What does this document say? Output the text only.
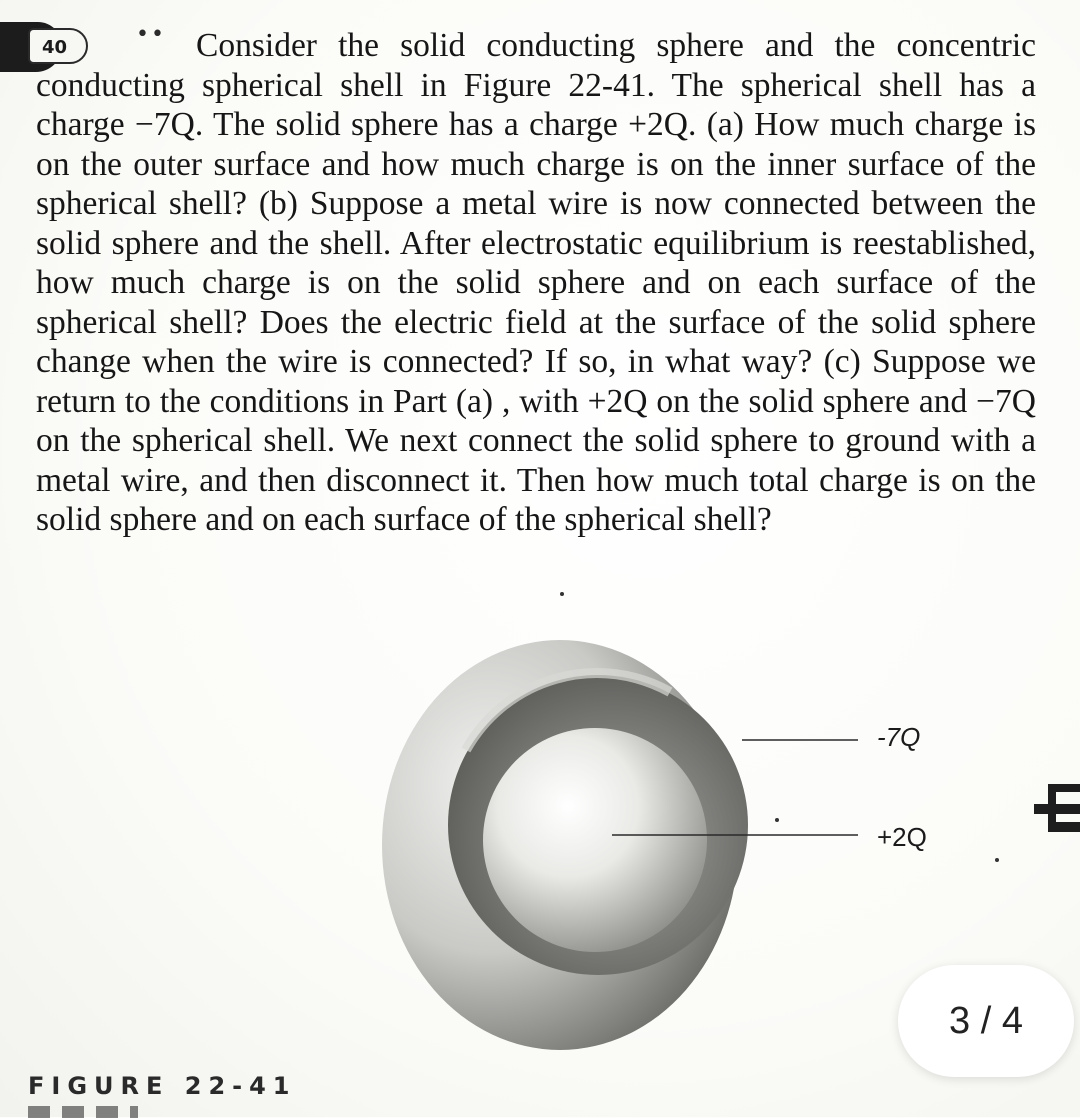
40	Consider the solid conducting sphere and the concentric conducting spherical shell in Figure 22-41. The spherical shell has a charge −7Q. The solid sphere has a charge +2Q. (a) How much charge is on the outer surface and how much charge is on the inner surface of the spherical shell? (b) Suppose a metal wire is now connected between the solid sphere and the shell. After electrostatic equilibrium is reestablished, how much charge is on the solid sphere and on each surface of the spherical shell? Does the electric field at the surface of the solid sphere change when the wire is connected? If so, in what way? (c) Suppose we return to the conditions in Part (a) , with +2Q on the solid sphere and −7Q on the spherical shell. We next connect the solid sphere to ground with a metal wire, and then disconnect it. Then how much total charge is on the solid sphere and on each surface of the spherical shell?

••
-7Q
+2Q
FIGURE 22-41
3 / 4
